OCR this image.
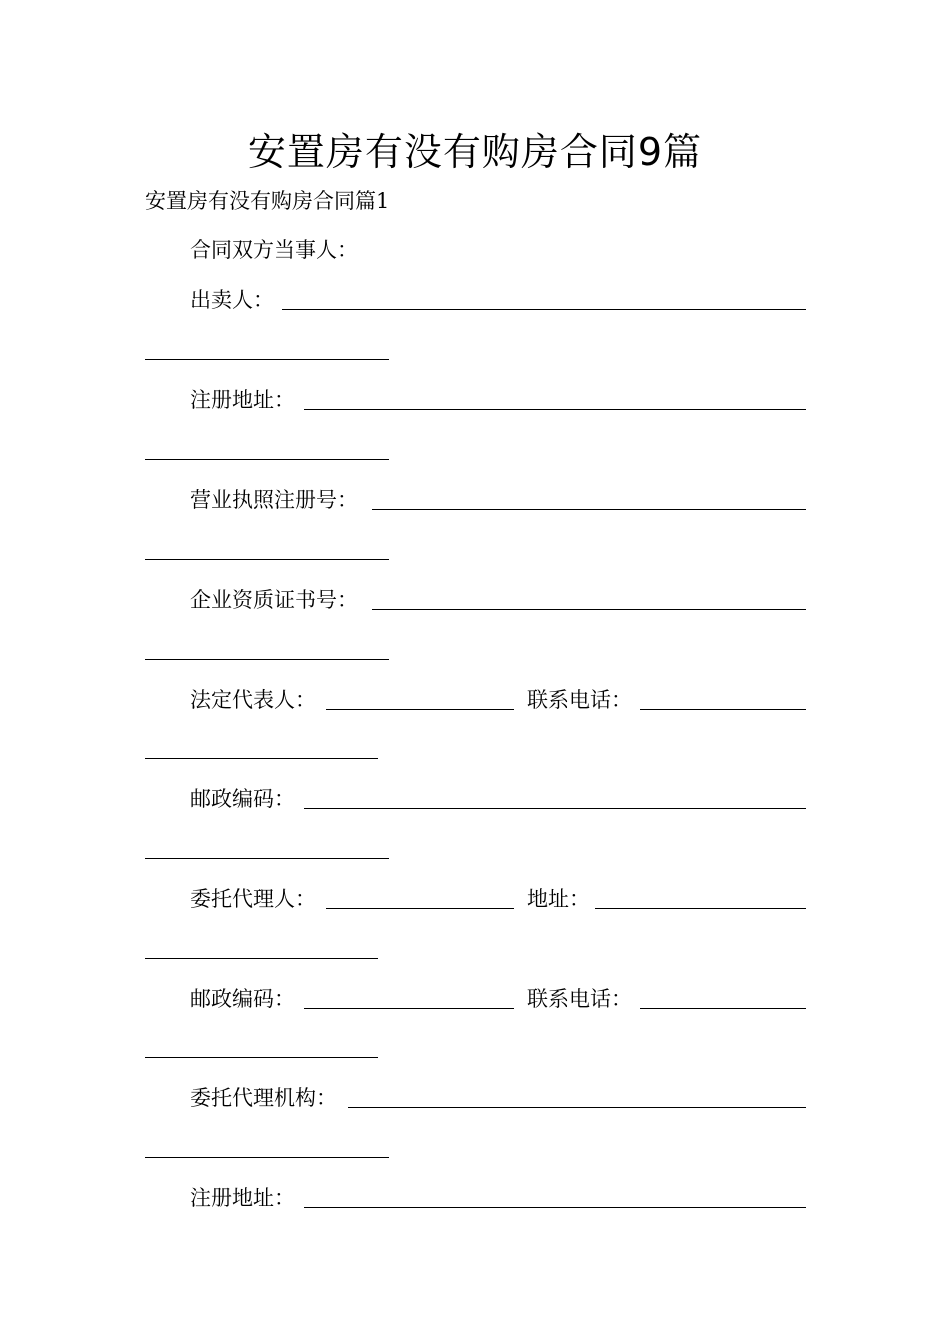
安置房有没有购房合同9篇
安置房有没有购房合同篇1
合同双方当事人：
出卖人：
注册地址：
营业执照注册号：
企业资质证书号：
法定代表人：	联系电话：
邮政编码：
委托代理人：	地址：
邮政编码：	联系电话：
委托代理机构：
注册地址：
